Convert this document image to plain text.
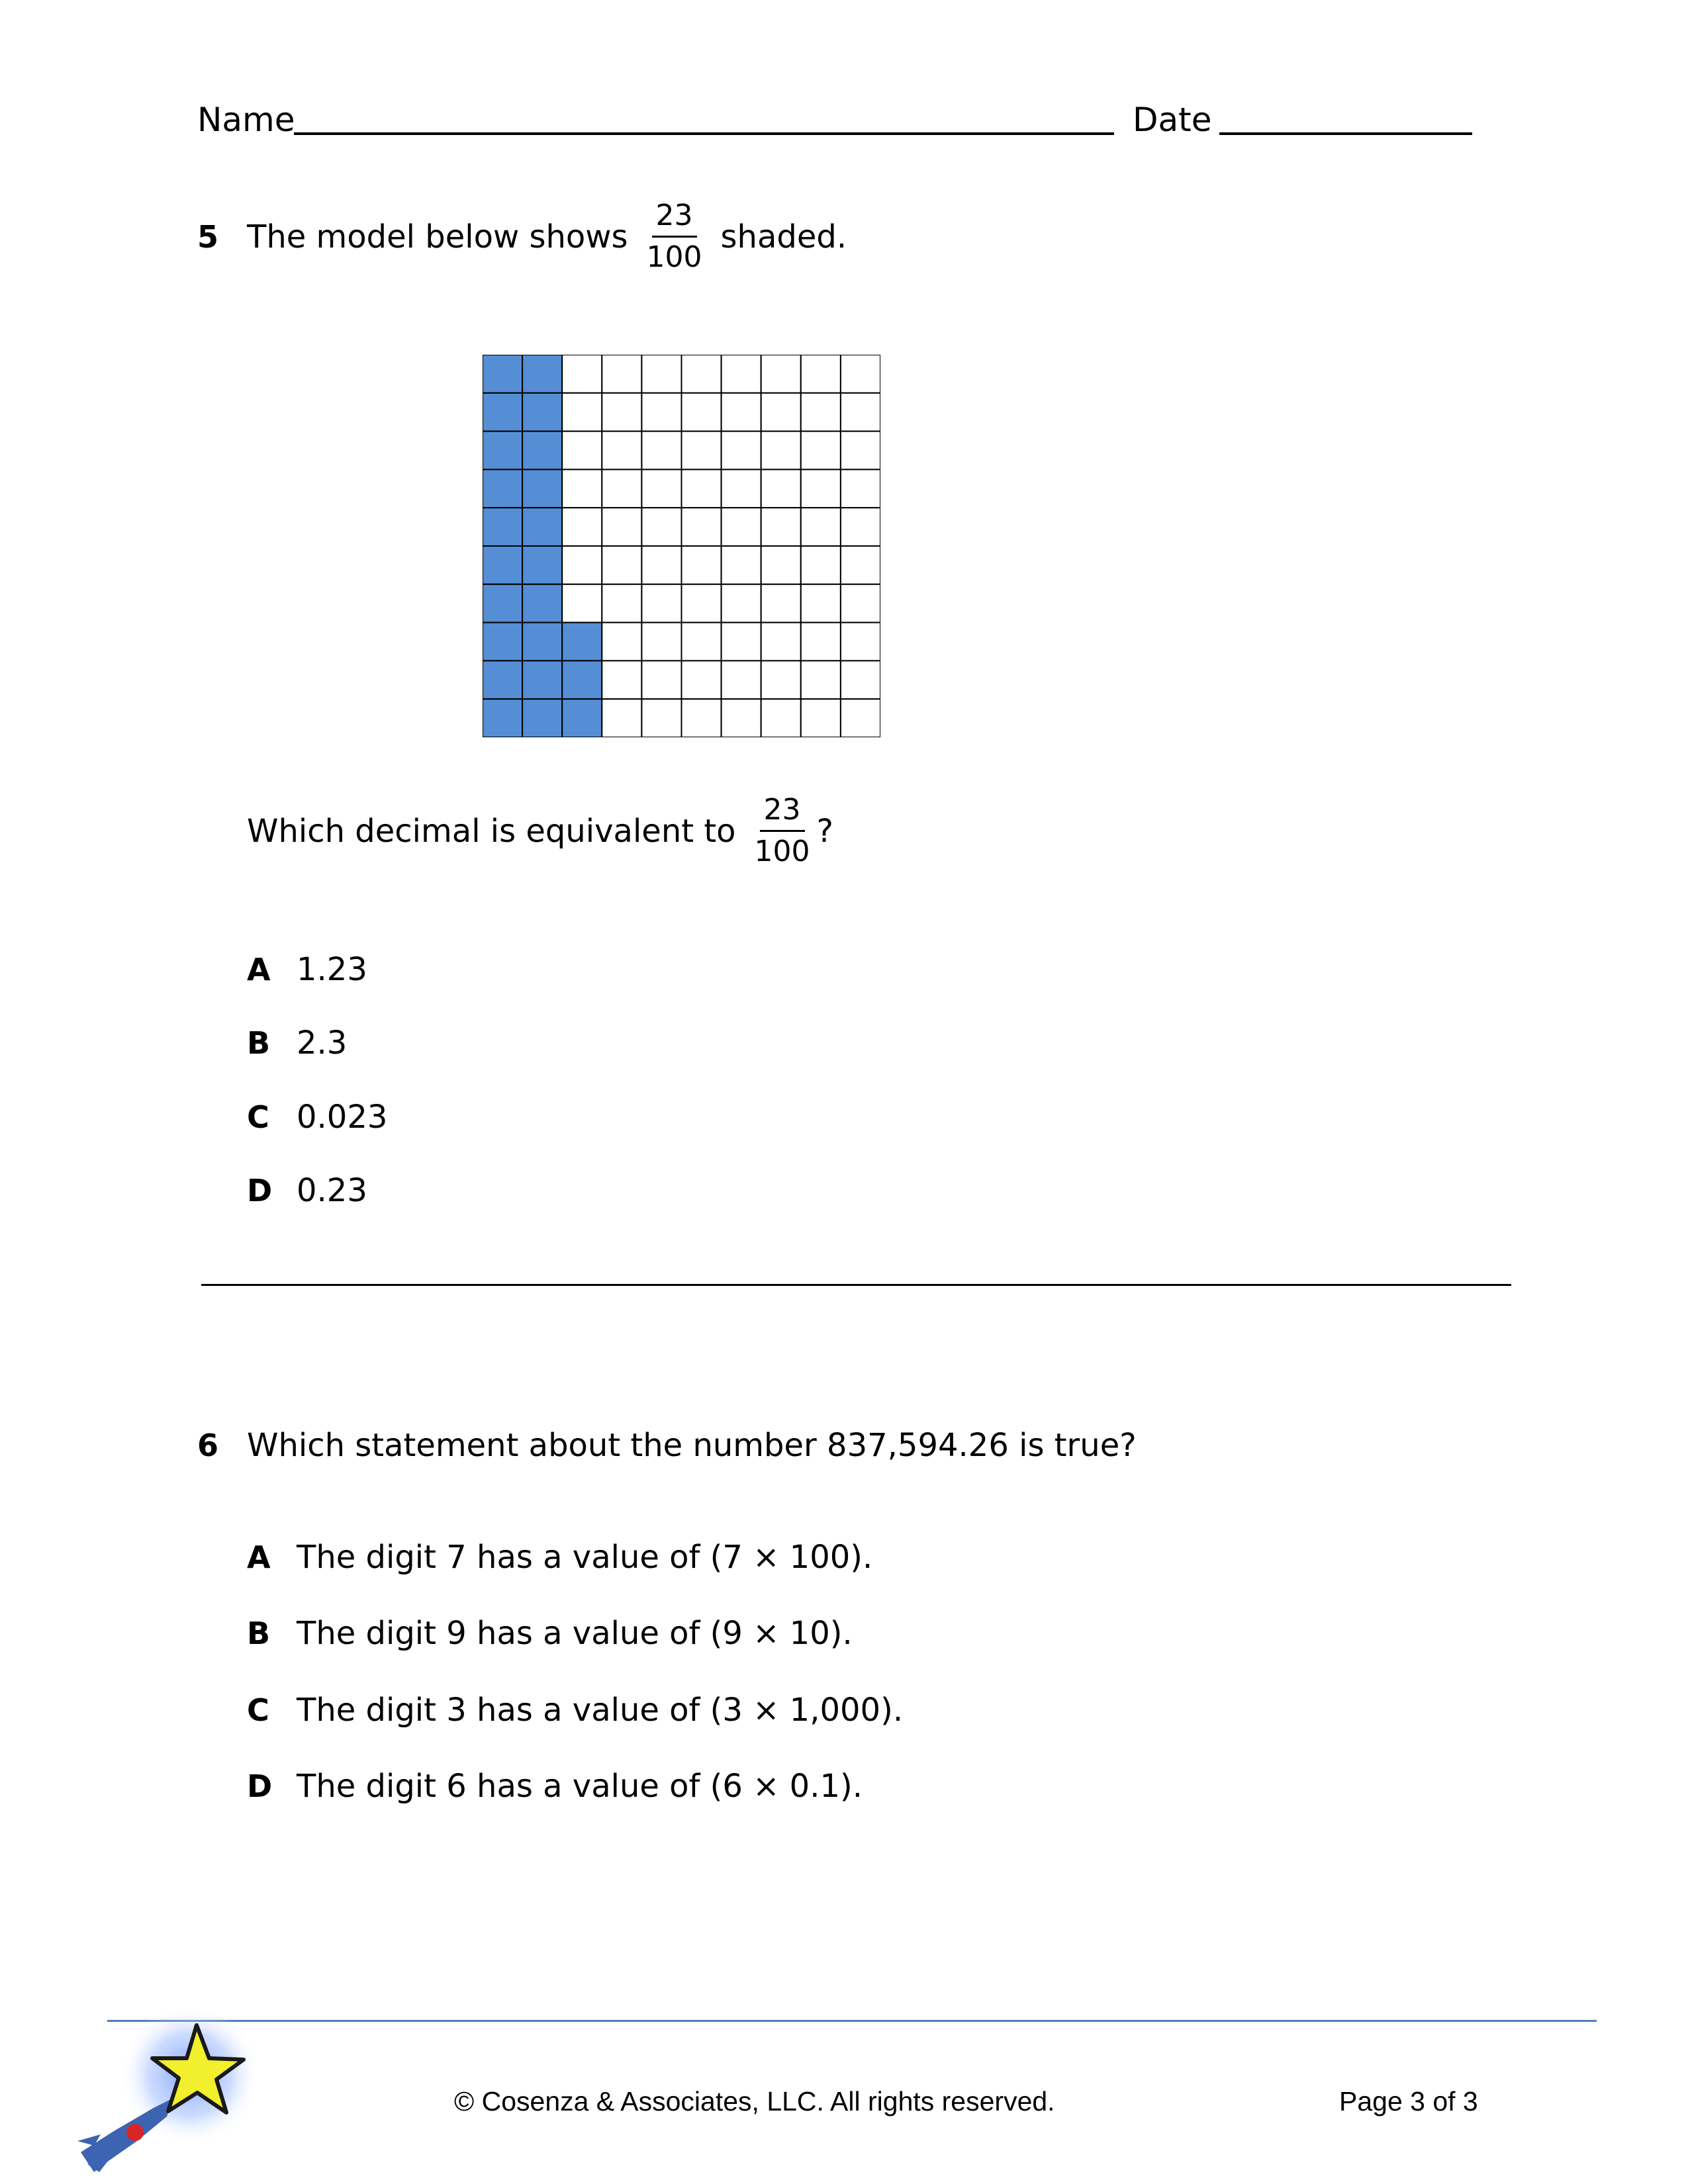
Name	Date
5 The model below shows $\frac{23}{100}$ shaded.
Which decimal is equivalent to $\frac{23}{100}$ ?
A 1.23
B 2.3
C 0.023
D 0.23
6 Which statement about the number 837,594.26 is true?
A The digit 7 has a value of (7 × 100).
B The digit 9 has a value of (9 × 10).
C The digit 3 has a value of (3 × 1,000).
D The digit 6 has a value of (6 × 0.1).
© Cosenza & Associates, LLC. All rights reserved.	Page 3 of 3
